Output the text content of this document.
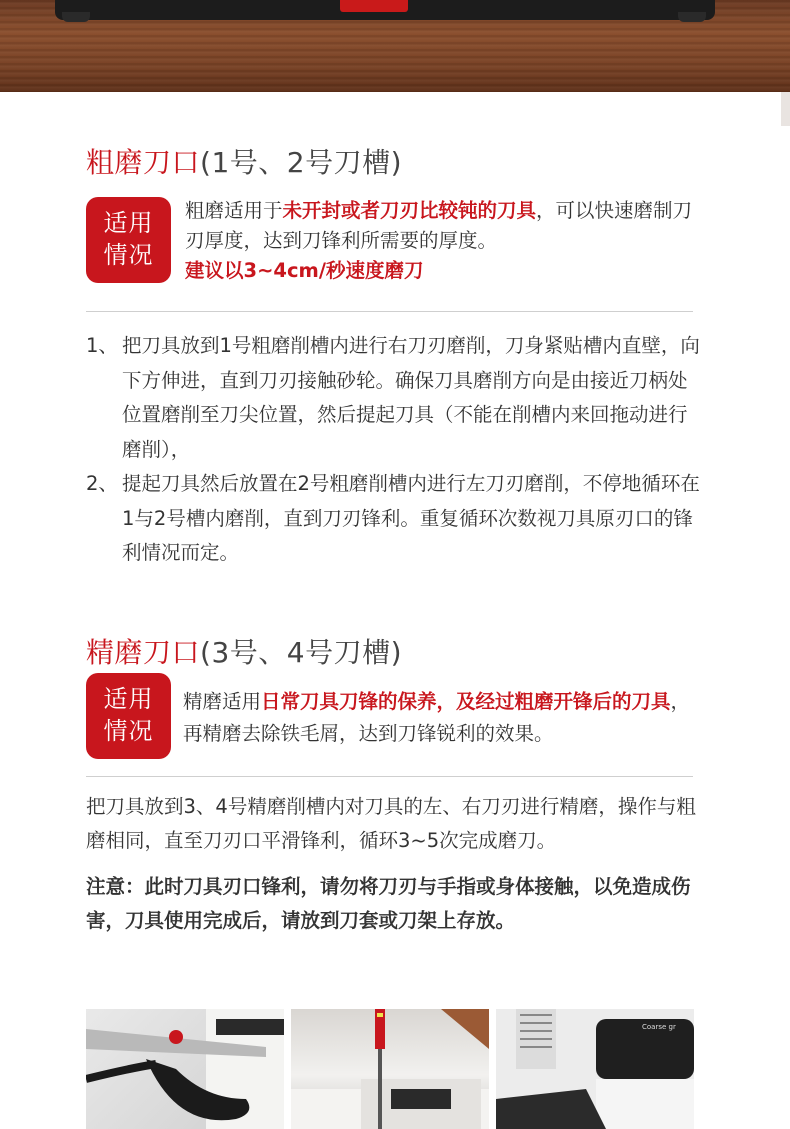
粗磨刀口(1号、2号刀槽)
适用
情况
粗磨适用于未开封或者刀刃比较钝的刀具，可以快速磨制刀刃厚度，达到刀锋利所需要的厚度。
建议以3~4cm/秒速度磨刀
1、 把刀具放到1号粗磨削槽内进行右刀刃磨削，刀身紧贴槽内直壁，向下方伸进，直到刀刃接触砂轮。确保刀具磨削方向是由接近刀柄处位置磨削至刀尖位置，然后提起刀具（不能在削槽内来回拖动进行磨削），
2、 提起刀具然后放置在2号粗磨削槽内进行左刀刃磨削，不停地循环在1与2号槽内磨削，直到刀刃锋利。重复循环次数视刀具原刃口的锋利情况而定。
精磨刀口(3号、4号刀槽)
适用
情况
精磨适用日常刀具刀锋的保养，及经过粗磨开锋后的刀具，再精磨去除铁毛屑，达到刀锋锐利的效果。
把刀具放到3、4号精磨削槽内对刀具的左、右刀刃进行精磨，操作与粗磨相同，直至刀刃口平滑锋利，循环3~5次完成磨刀。
注意：此时刀具刃口锋利，请勿将刀刃与手指或身体接触，以免造成伤害，刀具使用完成后，请放到刀套或刀架上存放。
Coarse gr
